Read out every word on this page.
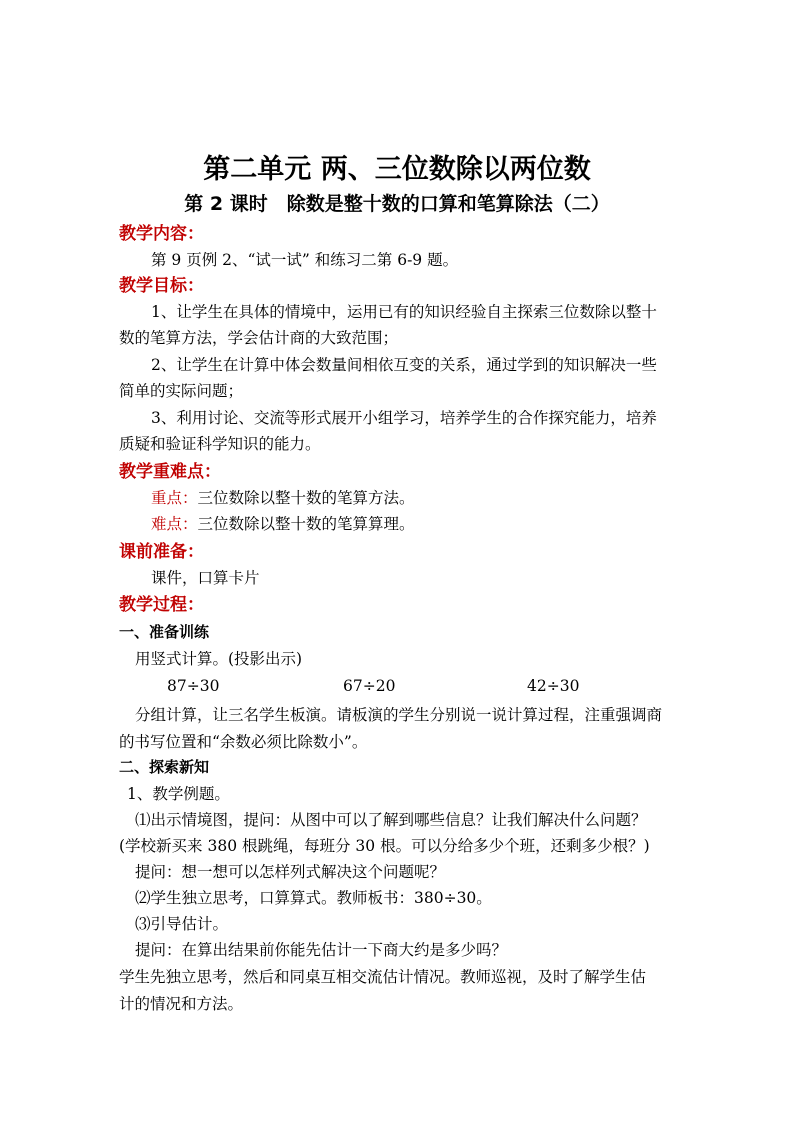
第二单元 两、三位数除以两位数
第 2 课时　除数是整十数的口算和笔算除法（二）
教学内容：
第 9 页例 2、“试一试” 和练习二第 6-9 题。
教学目标：
1、让学生在具体的情境中，运用已有的知识经验自主探索三位数除以整十
数的笔算方法，学会估计商的大致范围；
2、让学生在计算中体会数量间相依互变的关系，通过学到的知识解决一些
简单的实际问题；
3、利用讨论、交流等形式展开小组学习，培养学生的合作探究能力，培养
质疑和验证科学知识的能力。
教学重难点：
重点：三位数除以整十数的笔算方法。
难点：三位数除以整十数的笔算算理。
课前准备：
课件，口算卡片
教学过程：
一、准备训练
用竖式计算。(投影出示)
87÷30	67÷20	42÷30
分组计算，让三名学生板演。请板演的学生分别说一说计算过程，注重强调商
的书写位置和“余数必须比除数小”。
二、探索新知
1、教学例题。
⑴出示情境图，提问：从图中可以了解到哪些信息？让我们解决什么问题？
(学校新买来 380 根跳绳，每班分 30 根。可以分给多少个班，还剩多少根？)
提问：想一想可以怎样列式解决这个问题呢？
⑵学生独立思考，口算算式。教师板书：380÷30。
⑶引导估计。
提问：在算出结果前你能先估计一下商大约是多少吗？
学生先独立思考，然后和同桌互相交流估计情况。教师巡视，及时了解学生估
计的情况和方法。
